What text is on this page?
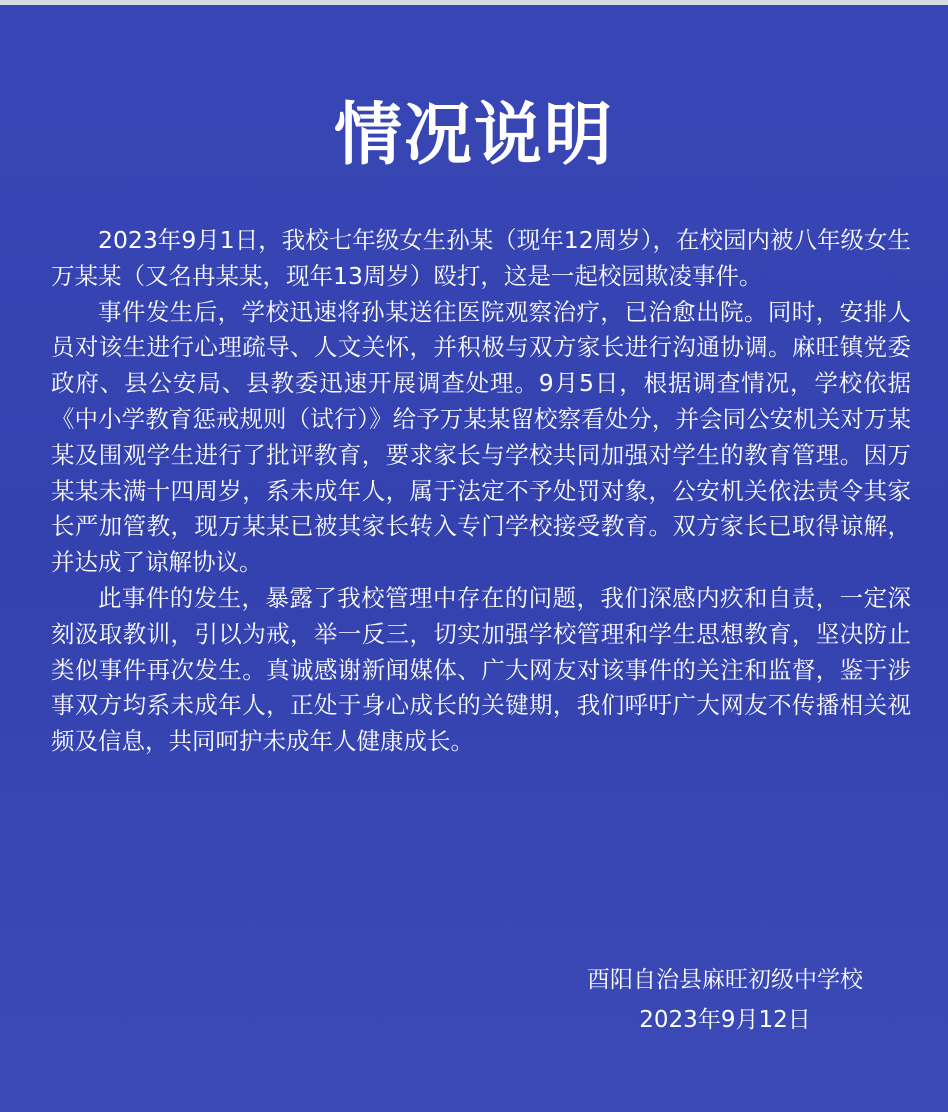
情况说明

2023年9月1日，我校七年级女生孙某（现年12周岁），在校园内被八年级女生万某某（又名冉某某，现年13周岁）殴打，这是一起校园欺凌事件。

事件发生后，学校迅速将孙某送往医院观察治疗，已治愈出院。同时，安排人员对该生进行心理疏导、人文关怀，并积极与双方家长进行沟通协调。麻旺镇党委政府、县公安局、县教委迅速开展调查处理。9月5日，根据调查情况，学校依据《中小学教育惩戒规则（试行）》给予万某某留校察看处分，并会同公安机关对万某某及围观学生进行了批评教育，要求家长与学校共同加强对学生的教育管理。因万某某未满十四周岁，系未成年人，属于法定不予处罚对象，公安机关依法责令其家长严加管教，现万某某已被其家长转入专门学校接受教育。双方家长已取得谅解，并达成了谅解协议。

此事件的发生，暴露了我校管理中存在的问题，我们深感内疚和自责，一定深刻汲取教训，引以为戒，举一反三，切实加强学校管理和学生思想教育，坚决防止类似事件再次发生。真诚感谢新闻媒体、广大网友对该事件的关注和监督，鉴于涉事双方均系未成年人，正处于身心成长的关键期，我们呼吁广大网友不传播相关视频及信息，共同呵护未成年人健康成长。

酉阳自治县麻旺初级中学校
2023年9月12日
